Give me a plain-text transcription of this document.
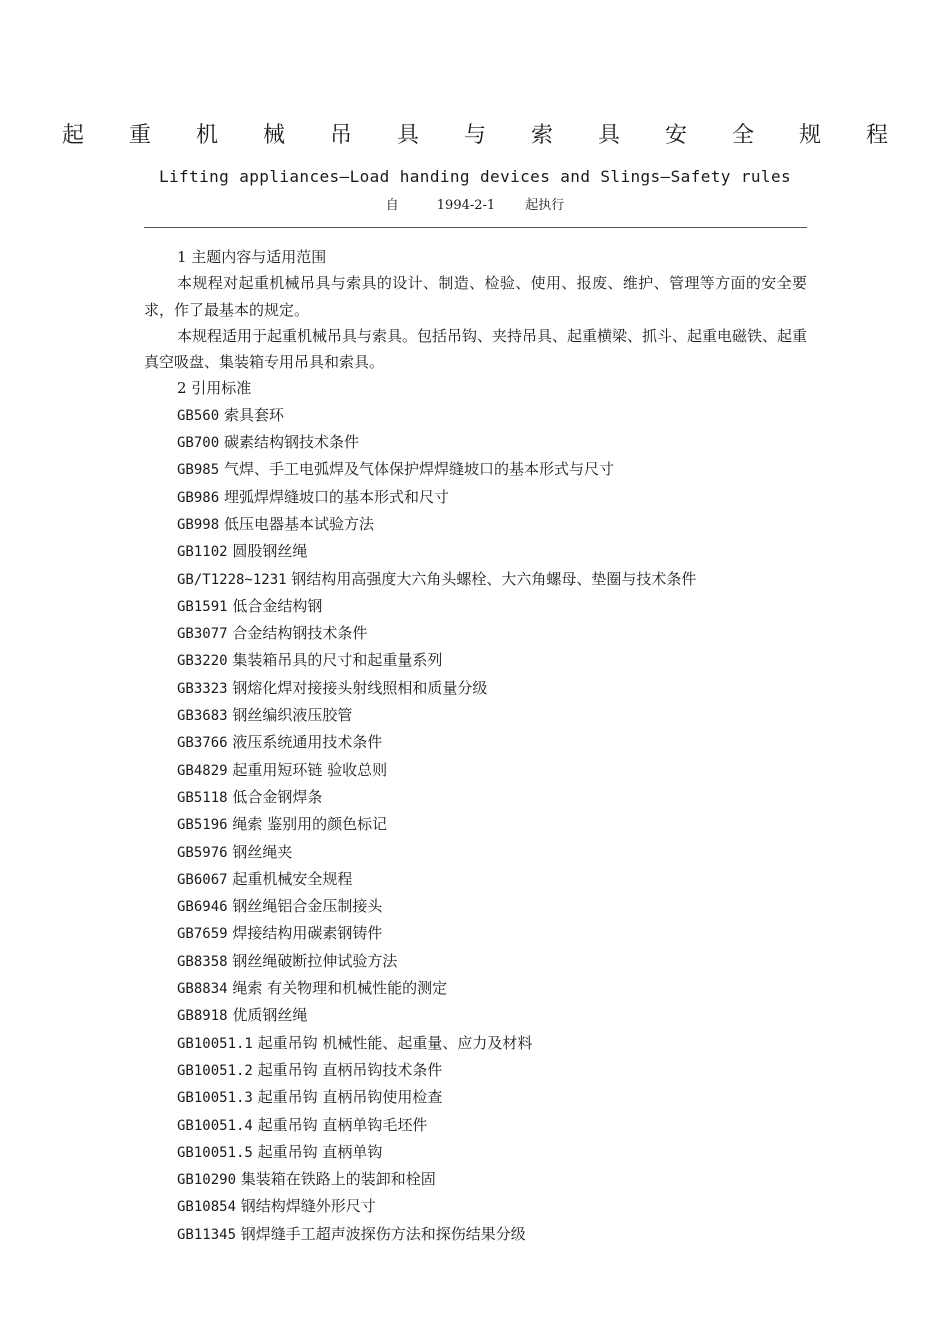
起 重 机 械 吊 具 与 索 具 安 全 规 程
Lifting appliances—Load handing devices and Slings—Safety rules
自	1994-2-1 起执行

1 主题内容与适用范围

本规程对起重机械吊具与索具的设计、制造、检验、使用、报废、维护、管理等方面的安全要求，作了最基本的规定。

本规程适用于起重机械吊具与索具。包括吊钩、夹持吊具、起重横梁、抓斗、起重电磁铁、起重真空吸盘、集装箱专用吊具和索具。

2 引用标准

GB560 索具套环

GB700 碳素结构钢技术条件

GB985 气焊、手工电弧焊及气体保护焊焊缝坡口的基本形式与尺寸

GB986 埋弧焊焊缝坡口的基本形式和尺寸

GB998 低压电器基本试验方法

GB1102 圆股钢丝绳

GB/T1228~1231 钢结构用高强度大六角头螺栓、大六角螺母、垫圈与技术条件

GB1591 低合金结构钢

GB3077 合金结构钢技术条件

GB3220 集装箱吊具的尺寸和起重量系列

GB3323 钢熔化焊对接接头射线照相和质量分级

GB3683 钢丝编织液压胶管

GB3766 液压系统通用技术条件

GB4829 起重用短环链 验收总则

GB5118 低合金钢焊条

GB5196 绳索 鉴别用的颜色标记

GB5976 钢丝绳夹

GB6067 起重机械安全规程

GB6946 钢丝绳铝合金压制接头

GB7659 焊接结构用碳素钢铸件

GB8358 钢丝绳破断拉伸试验方法

GB8834 绳索 有关物理和机械性能的测定

GB8918 优质钢丝绳

GB10051.1 起重吊钩 机械性能、起重量、应力及材料

GB10051.2 起重吊钩 直柄吊钩技术条件

GB10051.3 起重吊钩 直柄吊钩使用检查

GB10051.4 起重吊钩 直柄单钩毛坯件

GB10051.5 起重吊钩 直柄单钩

GB10290 集装箱在铁路上的装卸和栓固

GB10854 钢结构焊缝外形尺寸

GB11345 钢焊缝手工超声波探伤方法和探伤结果分级
